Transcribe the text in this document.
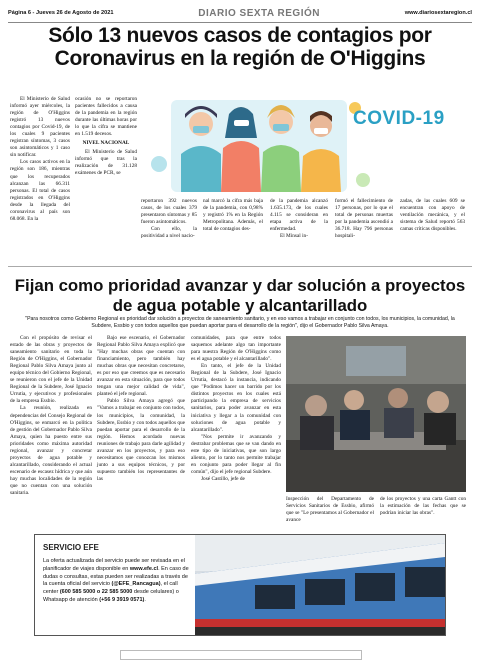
Página 6 - Jueves 26 de Agosto de 2021	DIARIO SEXTA REGIÓN	www.diariosextaregion.cl
Sólo 13 nuevos casos de contagios por Coronavirus en la región de O'Higgins

El Ministerio de Salud informó ayer miércoles, la región de O'Higgins registró 13 nuevos contagios por Covid-19, de los cuales 9 pacientes registran síntomas, 3 casos son asintomáticos y 1 caso sin notificar.

Los casos activos en la región son 186, mientras que los recuperados alcanzan las 66.311 personas. El total de casos registrados en O'Higgins desde la llegada del coronavirus al país son 68.068. En la

ocasión no se reportaron pacientes fallecidos a causa de la pandemia en la región durante las últimas horas por lo que la cifra se mantiene en 1.519 decesos.

NIVEL NACIONAL

El Ministerio de Salud informó que tras la realización de 31.128 exámenes de PCR, se

COVID-19

reportaron 392 nuevos casos, de los cuales 379 presentaron síntomas y 85 fueron asintomáticos.

Con ello, la positividad a nivel nacio-

nal marcó la cifra más baja de la pandemia, con 0,98% y registró 1% en la Región Metropolitana. Además, el total de contagios des-

de la pandemia alcanzó 1.635.173, de los cuales 4.115 se consideran en etapa activa de la enfermedad.

El Minsal in-

formó el fallecimiento de 17 personas, por lo que el total de personas muertas por la pandemia ascendió a 36.718. Hay 796 personas hospitali-

zadas, de las cuales 609 se encuentran con apoyo de ventilación mecánica, y el sistema de Salud reportó 563 camas críticas disponibles.

Fijan como prioridad avanzar y dar solución a proyectos de agua potable y alcantarillado
"Para nosotros como Gobierno Regional es prioridad dar solución a proyectos de saneamiento sanitario, y en eso vamos a trabajar en conjunto con todos, los municipios, la comunidad, la Subdere, Essbio y con todos aquellos que puedan aportar para el desarrollo de la región", dijo el Gobernador Pablo Silva Amaya.

Con el propósito de revisar el estado de las obras y proyectos de saneamiento sanitario en toda la Región de O'Higgins, el Gobernador Regional Pablo Silva Amaya junto al equipo técnico del Gobierno Regional, se reunieron con el jefe de la Unidad Regional de la Subdere, José Ignacio Urrutia, y ejecutivos y profesionales de la empresa Essbio.

La reunión, realizada en dependencias del Consejo Regional de O'Higgins, se enmarcó en la política de gestión del Gobernador Pablo Silva Amaya, quien ha puesto entre sus prioridades como máxima autoridad regional, avanzar y concretar proyectos de agua potable y alcantarillado, considerando el actual escenario de escasez hídrica y que aún hay muchas localidades de la región que no cuentan con una solución sanitaria.

Bajo ese escenario, el Gobernador Regional Pablo Silva Amaya explicó que "Hay muchas obras que cuentan con financiamiento, pero también hay muchas obras que necesitan concretarse, es por eso que creemos que es necesario avanzar en esta situación, para que todos tengan una mejor calidad de vida", planteó el jefe regional.

Pablo Silva Amaya agregó que "Vamos a trabajar en conjunto con todos, los municipios, la comunidad, la Subdere, Essbio y con todos aquellos que puedan aportar para el desarrollo de la región. Hemos acordado nuevas reuniones de trabajo para darle agilidad y avanzar en los proyectos, y para eso necesitamos que conozcan los mismos junto a sus equipos técnicos, y por supuesto también los representantes de las

comunidades, para que entre todos saquemos adelante algo tan importante para nuestra Región de O'Higgins como es el agua potable y el alcantarillado".

En tanto, el jefe de la Unidad Regional de la Subdere, José Ignacio Urrutia, destacó la instancia, indicando que "Podimos hacer un barrido por los distintos proyectos en los cuales está participando la empresa de servicios sanitarios, para poder avanzar en esta iniciativa y llegar a la comunidad con soluciones de agua potable y alcantarillado".

"Nos permite ir avanzando y destrabar problemas que se van dando en este tipo de iniciativas, que son largo aliento, por lo tanto nos permite trabajar en conjunto para poder llegar al fin común", dijo el jefe regional Subdere.

José Castillo, jefe de

Inspección del Departamento de Servicios Sanitarios de Essbio, afirmó que se "Le presentamos al Gobernador el avance

de los proyectos y una carta Gantt con la estimación de las fechas que se podrían iniciar las obras".

SERVICIO EFE
La oferta actualizada del servicio puede ser revisada en el planificador de viajes disponible en www.efe.cl. En caso de dudas o consultas, estas pueden ser realizadas a través de la cuenta oficial del servicio (@EFE_Rancagua), el call center (600 585 5000 o 22 585 5000 desde celulares) o Whatsapp de atención (+56 9 3919 0571).
